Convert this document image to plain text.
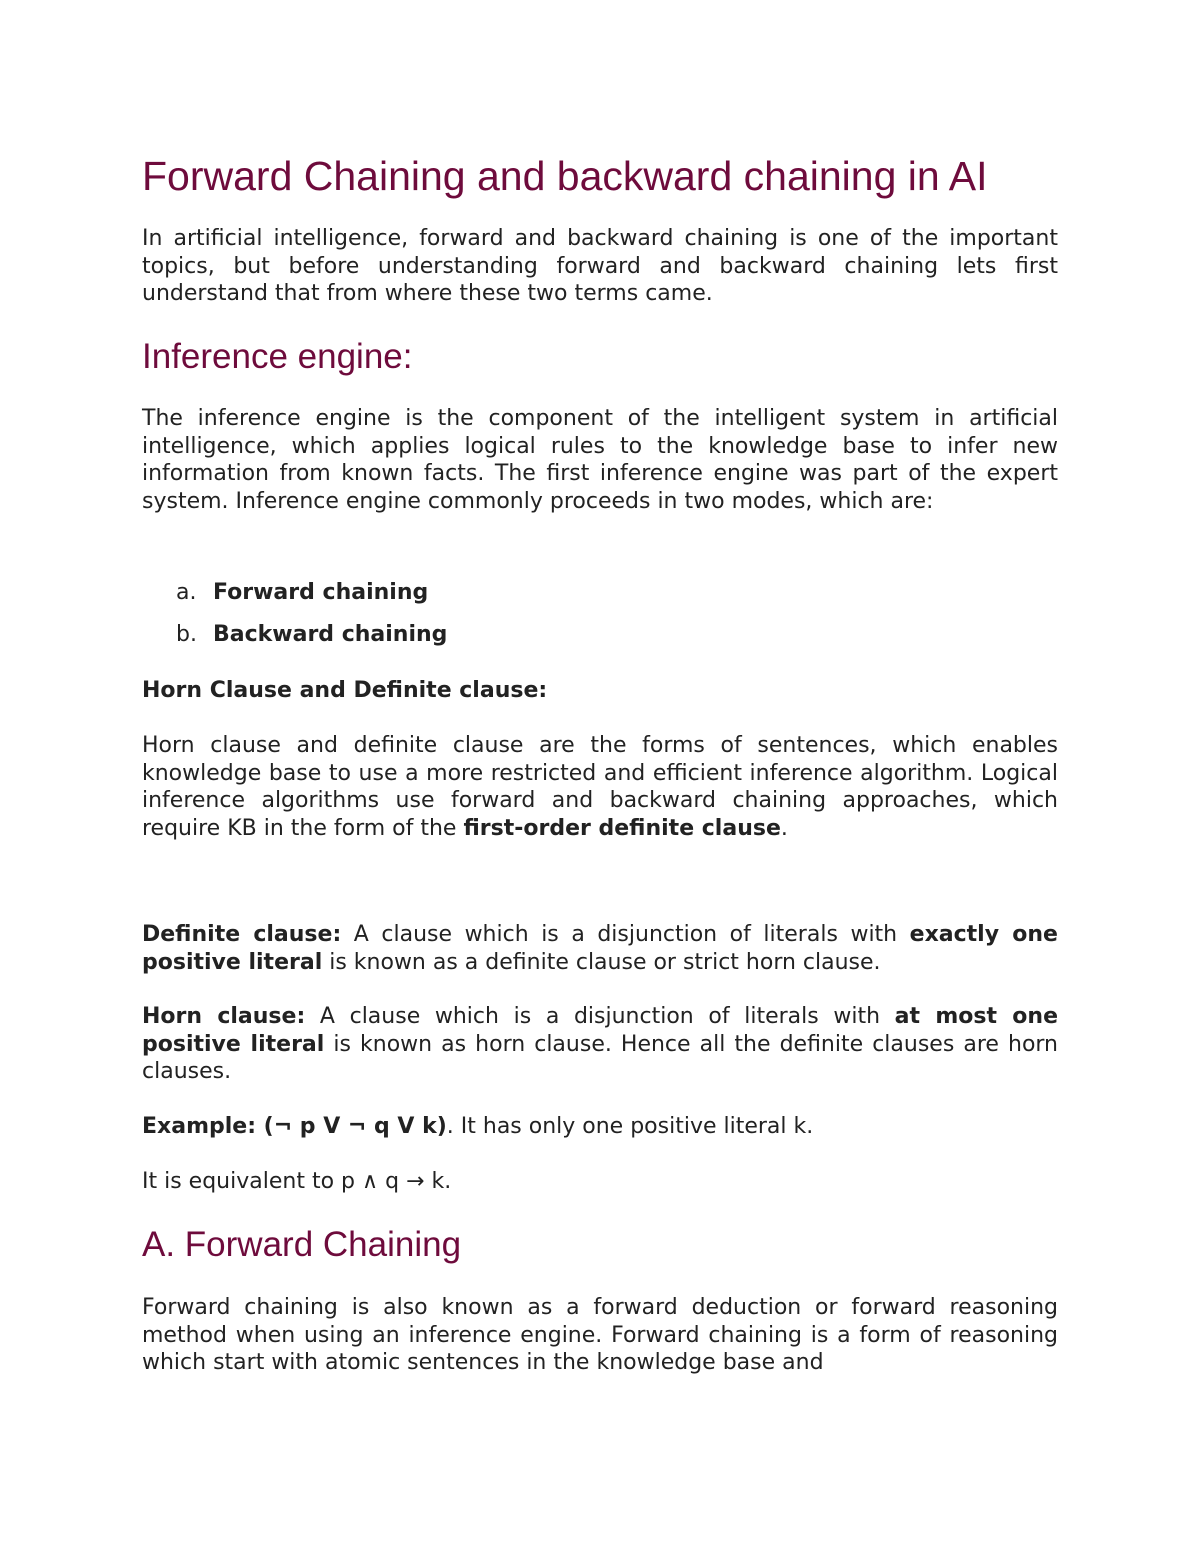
Forward Chaining and backward chaining in AI

In artificial intelligence, forward and backward chaining is one of the important topics, but before understanding forward and backward chaining lets first understand that from where these two terms came.

Inference engine:

The inference engine is the component of the intelligent system in artificial intelligence, which applies logical rules to the knowledge base to infer new information from known facts. The first inference engine was part of the expert system. Inference engine commonly proceeds in two modes, which are:

a. Forward chaining
b. Backward chaining

Horn Clause and Definite clause:

Horn clause and definite clause are the forms of sentences, which enables knowledge base to use a more restricted and efficient inference algorithm. Logical inference algorithms use forward and backward chaining approaches, which require KB in the form of the first-order definite clause.

Definite clause: A clause which is a disjunction of literals with exactly one positive literal is known as a definite clause or strict horn clause.

Horn clause: A clause which is a disjunction of literals with at most one positive literal is known as horn clause. Hence all the definite clauses are horn clauses.

Example: (¬ p V ¬ q V k). It has only one positive literal k.

It is equivalent to p ∧ q → k.

A. Forward Chaining

Forward chaining is also known as a forward deduction or forward reasoning method when using an inference engine. Forward chaining is a form of reasoning which start with atomic sentences in the knowledge base and
